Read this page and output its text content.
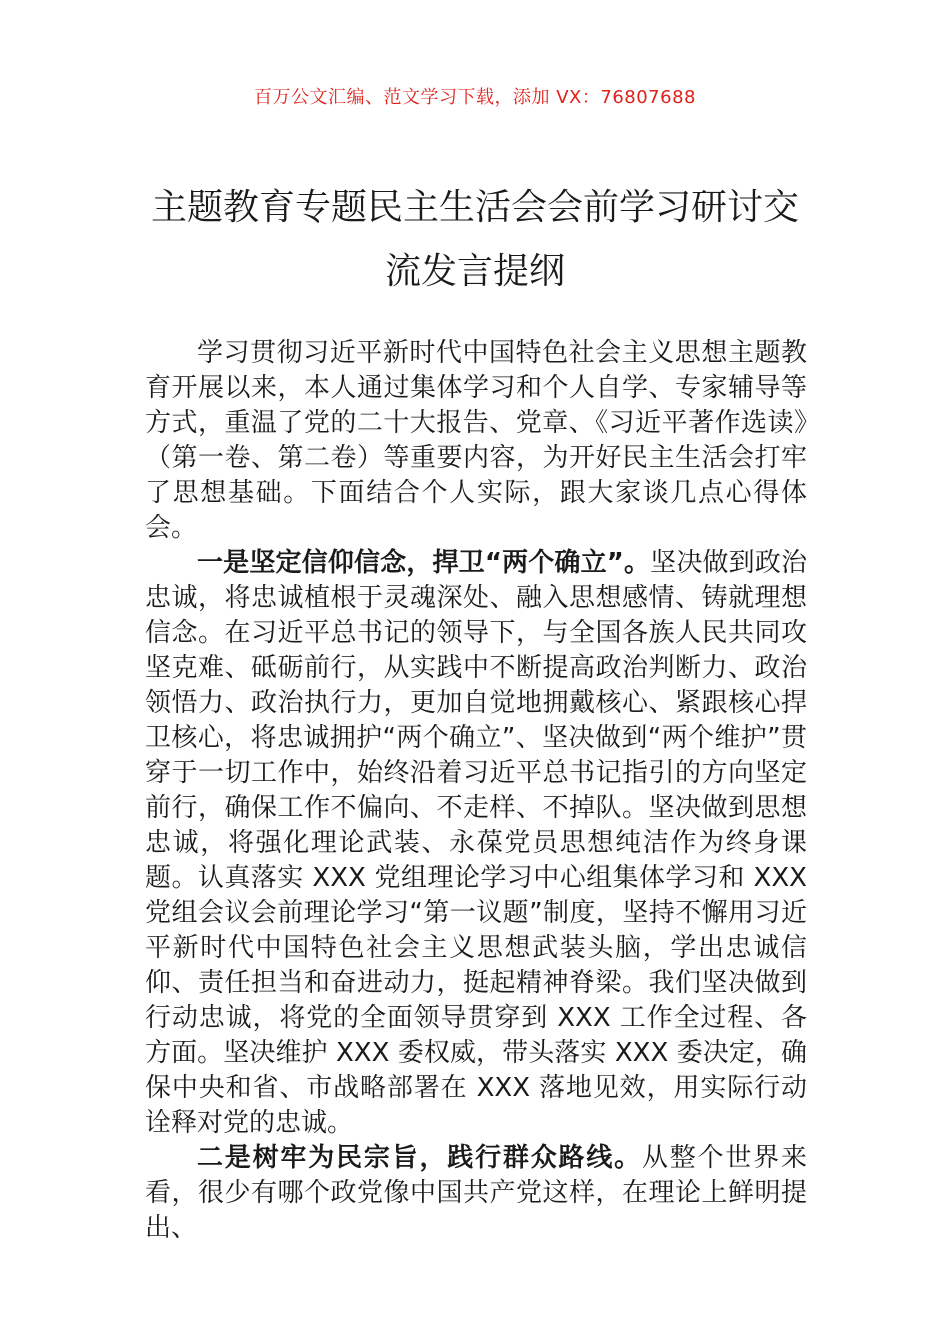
百万公文汇编、范文学习下载，添加 VX：76807688
主题教育专题民主生活会会前学习研讨交流发言提纲

学习贯彻习近平新时代中国特色社会主义思想主题教育开展以来，本人通过集体学习和个人自学、专家辅导等方式，重温了党的二十大报告、党章、《习近平著作选读》（第一卷、第二卷）等重要内容，为开好民主生活会打牢了思想基础。下面结合个人实际，跟大家谈几点心得体会。

一是坚定信仰信念，捍卫“两个确立”。坚决做到政治忠诚，将忠诚植根于灵魂深处、融入思想感情、铸就理想信念。在习近平总书记的领导下，与全国各族人民共同攻坚克难、砥砺前行，从实践中不断提高政治判断力、政治领悟力、政治执行力，更加自觉地拥戴核心、紧跟核心捍卫核心，将忠诚拥护“两个确立”、坚决做到“两个维护”贯穿于一切工作中，始终沿着习近平总书记指引的方向坚定前行，确保工作不偏向、不走样、不掉队。坚决做到思想忠诚，将强化理论武装、永葆党员思想纯洁作为终身课题。认真落实 XXX 党组理论学习中心组集体学习和 XXX 党组会议会前理论学习“第一议题”制度，坚持不懈用习近平新时代中国特色社会主义思想武装头脑，学出忠诚信仰、责任担当和奋进动力，挺起精神脊梁。我们坚决做到行动忠诚，将党的全面领导贯穿到 XXX 工作全过程、各方面。坚决维护 XXX 委权威，带头落实 XXX 委决定，确保中央和省、市战略部署在 XXX 落地见效，用实际行动诠释对党的忠诚。

二是树牢为民宗旨，践行群众路线。从整个世界来看，很少有哪个政党像中国共产党这样，在理论上鲜明提出、
